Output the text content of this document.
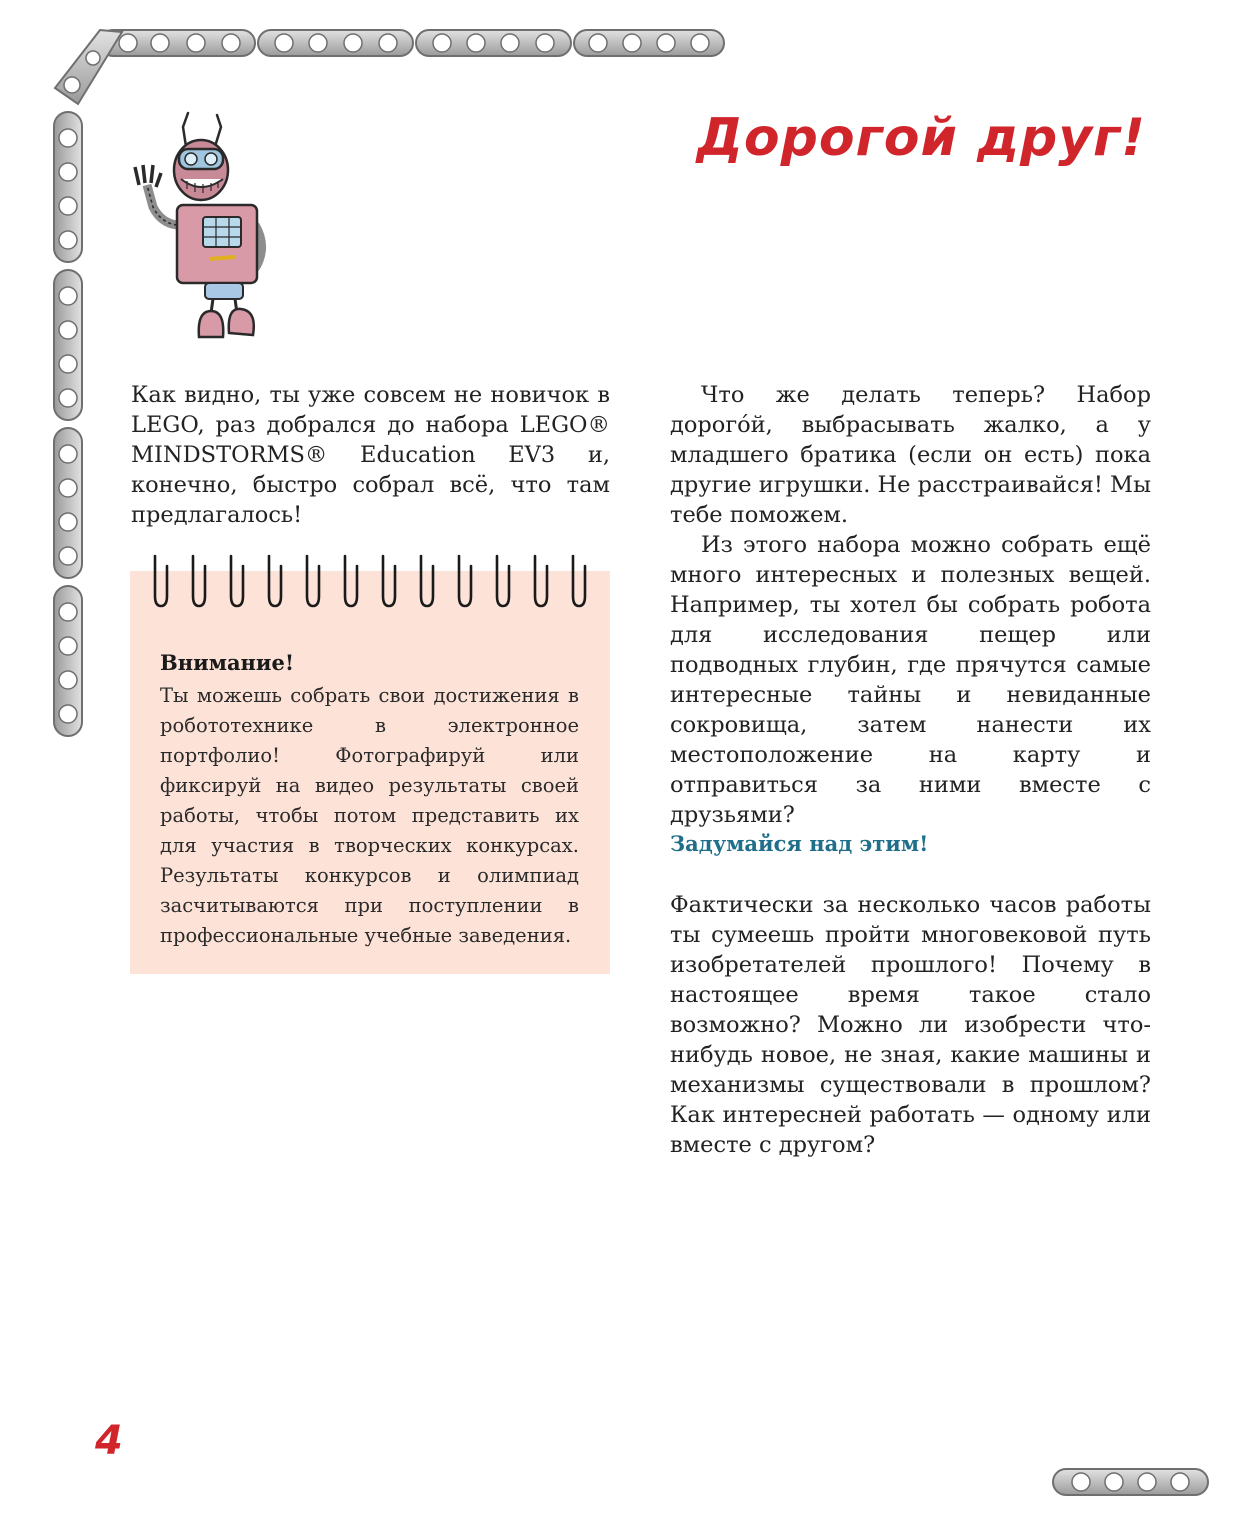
Дорогой друг!

Как видно, ты уже совсем не новичок в LEGO, раз добрался до набора LEGO® MINDSTORMS® Education EV3 и, конечно, быстро собрал всё, что там предлагалось!

Внимание!

Ты можешь собрать свои достижения в робототехнике в электронное портфолио! Фотографируй или фиксируй на видео результаты своей работы, чтобы потом представить их для участия в творческих конкурсах. Результаты конкурсов и олимпиад засчитываются при поступлении в профессиональные учебные заведения.

Что же делать теперь? Набор дорогóй, выбрасывать жалко, а у младшего братика (если он есть) пока другие игрушки. Не расстраивайся! Мы тебе поможем.

Из этого набора можно собрать ещё много интересных и полезных вещей. Например, ты хотел бы собрать робота для исследования пещер или подводных глубин, где прячутся самые интересные тайны и невиданные сокровища, затем нанести их местоположение на карту и отправиться за ними вместе с друзьями?

Задумайся над этим!

Фактически за несколько часов работы ты сумеешь пройти многовековой путь изобретателей прошлого! Почему в настоящее время такое стало возможно? Можно ли изобрести что-нибудь новое, не зная, какие машины и механизмы существовали в прошлом? Как интересней работать — одному или вместе с другом?

4
